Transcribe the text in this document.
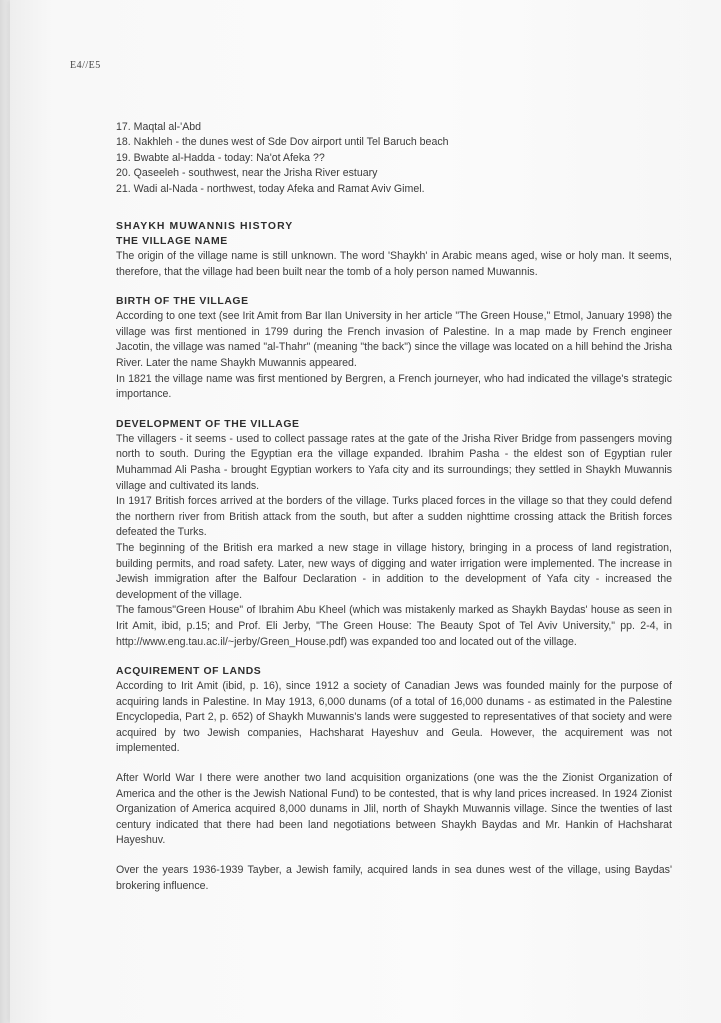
E4//E5

17. Maqtal al-'Abd

18. Nakhleh - the dunes west of Sde Dov airport until Tel Baruch beach

19. Bwabte al-Hadda - today: Na'ot Afeka ??

20. Qaseeleh - southwest, near the Jrisha River estuary

21. Wadi al-Nada - northwest, today Afeka and Ramat Aviv Gimel.

SHAYKH MUWANNIS HISTORY
THE VILLAGE NAME

The origin of the village name is still unknown. The word 'Shaykh' in Arabic means aged, wise or holy man. It seems, therefore, that the village had been built near the tomb of a holy person named Muwannis.

BIRTH OF THE VILLAGE

According to one text (see Irit Amit from Bar Ilan University in her article "The Green House," Etmol, January 1998) the village was first mentioned in 1799 during the French invasion of Palestine. In a map made by French engineer Jacotin, the village was named "al-Thahr" (meaning "the back") since the village was located on a hill behind the Jrisha River. Later the name Shaykh Muwannis appeared.

In 1821 the village name was first mentioned by Bergren, a French journeyer, who had indicated the village's strategic importance.

DEVELOPMENT OF THE VILLAGE

The villagers - it seems - used to collect passage rates at the gate of the Jrisha River Bridge from passengers moving north to south. During the Egyptian era the village expanded. Ibrahim Pasha - the eldest son of Egyptian ruler Muhammad Ali Pasha - brought Egyptian workers to Yafa city and its surroundings; they settled in Shaykh Muwannis village and cultivated its lands.

In 1917 British forces arrived at the borders of the village. Turks placed forces in the village so that they could defend the northern river from British attack from the south, but after a sudden nighttime crossing attack the British forces defeated the Turks.

The beginning of the British era marked a new stage in village history, bringing in a process of land registration, building permits, and road safety. Later, new ways of digging and water irrigation were implemented. The increase in Jewish immigration after the Balfour Declaration - in addition to the development of Yafa city - increased the development of the village.

The famous"Green House" of Ibrahim Abu Kheel (which was mistakenly marked as Shaykh Baydas' house as seen in Irit Amit, ibid, p.15; and Prof. Eli Jerby, "The Green House: The Beauty Spot of Tel Aviv University," pp. 2-4, in http://www.eng.tau.ac.il/~jerby/Green_House.pdf) was expanded too and located out of the village.

ACQUIREMENT OF LANDS

According to Irit Amit (ibid, p. 16), since 1912 a society of Canadian Jews was founded mainly for the purpose of acquiring lands in Palestine. In May 1913, 6,000 dunams (of a total of 16,000 dunams - as estimated in the Palestine Encyclopedia, Part 2, p. 652) of Shaykh Muwannis's lands were suggested to representatives of that society and were acquired by two Jewish companies, Hachsharat Hayeshuv and Geula. However, the acquirement was not implemented.

After World War I there were another two land acquisition organizations (one was the the Zionist Organization of America and the other is the Jewish National Fund) to be contested, that is why land prices increased. In 1924 Zionist Organization of America acquired 8,000 dunams in Jlil, north of Shaykh Muwannis village. Since the twenties of last century indicated that there had been land negotiations between Shaykh Baydas and Mr. Hankin of Hachsharat Hayeshuv.

Over the years 1936-1939 Tayber, a Jewish family, acquired lands in sea dunes west of the village, using Baydas' brokering influence.
